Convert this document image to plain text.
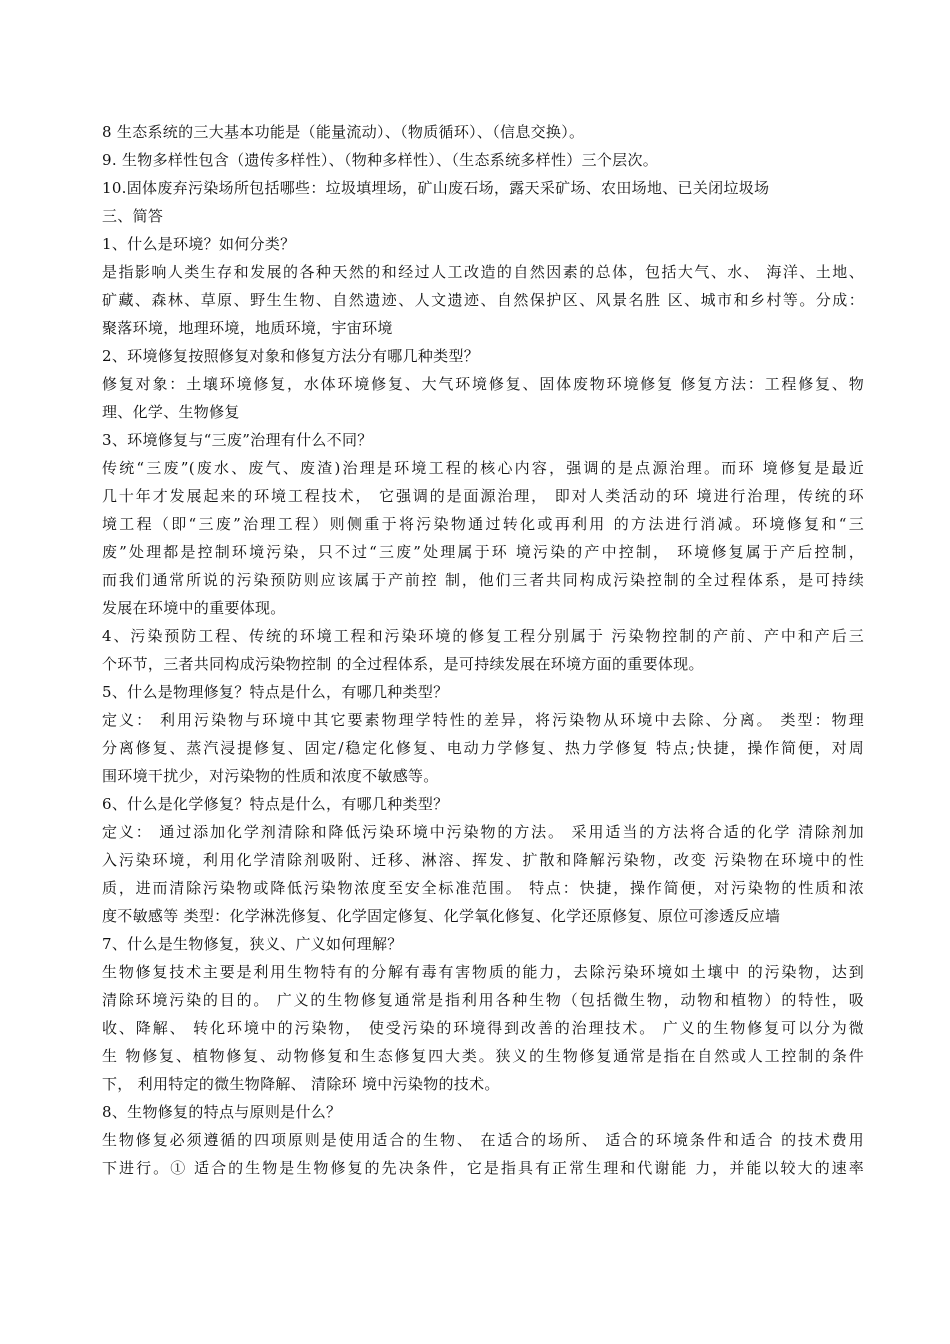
8 生态系统的三大基本功能是（能量流动）、（物质循环）、（信息交换）。
9. 生物多样性包含（遗传多样性）、（物种多样性）、（生态系统多样性）三个层次。
10.固体废弃污染场所包括哪些：垃圾填埋场，矿山废石场，露天采矿场、农田场地、已关闭垃圾场
三、简答
1、什么是环境？如何分类？
是指影响人类生存和发展的各种天然的和经过人工改造的自然因素的总体，包括大气、水、 海洋、土地、
矿藏、森林、草原、野生生物、自然遗迹、人文遗迹、自然保护区、风景名胜 区、城市和乡村等。分成：
聚落环境，地理环境，地质环境，宇宙环境
2、环境修复按照修复对象和修复方法分有哪几种类型？
修复对象：土壤环境修复，水体环境修复、大气环境修复、固体废物环境修复 修复方法：工程修复、物
理、化学、生物修复
3、环境修复与“三废”治理有什么不同？
传统“三废”(废水、废气、废渣)治理是环境工程的核心内容，强调的是点源治理。而环 境修复是最近
几十年才发展起来的环境工程技术， 它强调的是面源治理， 即对人类活动的环 境进行治理，传统的环
境工程（即“三废”治理工程）则侧重于将污染物通过转化或再利用 的方法进行消减。环境修复和“三
废”处理都是控制环境污染，只不过“三废”处理属于环 境污染的产中控制， 环境修复属于产后控制，
而我们通常所说的污染预防则应该属于产前控 制，他们三者共同构成污染控制的全过程体系，是可持续
发展在环境中的重要体现。
4、污染预防工程、传统的环境工程和污染环境的修复工程分别属于 污染物控制的产前、产中和产后三
个环节，三者共同构成污染物控制 的全过程体系，是可持续发展在环境方面的重要体现。
5、什么是物理修复？特点是什么，有哪几种类型？
定义： 利用污染物与环境中其它要素物理学特性的差异，将污染物从环境中去除、分离。 类型：物理
分离修复、蒸汽浸提修复、固定/稳定化修复、电动力学修复、热力学修复 特点;快捷，操作简便，对周
围环境干扰少，对污染物的性质和浓度不敏感等。
6、什么是化学修复？特点是什么，有哪几种类型？
定义： 通过添加化学剂清除和降低污染环境中污染物的方法。 采用适当的方法将合适的化学 清除剂加
入污染环境，利用化学清除剂吸附、迁移、淋溶、挥发、扩散和降解污染物，改变 污染物在环境中的性
质，进而清除污染物或降低污染物浓度至安全标准范围。 特点：快捷，操作简便，对污染物的性质和浓
度不敏感等 类型：化学淋洗修复、化学固定修复、化学氧化修复、化学还原修复、原位可渗透反应墙
7、什么是生物修复，狭义、广义如何理解？
生物修复技术主要是利用生物特有的分解有毒有害物质的能力，去除污染环境如土壤中 的污染物，达到
清除环境污染的目的。 广义的生物修复通常是指利用各种生物（包括微生物，动物和植物）的特性，吸
收、降解、 转化环境中的污染物， 使受污染的环境得到改善的治理技术。 广义的生物修复可以分为微
生 物修复、植物修复、动物修复和生态修复四大类。狭义的生物修复通常是指在自然或人工控制的条件
下， 利用特定的微生物降解、 清除环 境中污染物的技术。
8、生物修复的特点与原则是什么？
生物修复必须遵循的四项原则是使用适合的生物、 在适合的场所、 适合的环境条件和适合 的技术费用
下进行。① 适合的生物是生物修复的先决条件，它是指具有正常生理和代谢能 力，并能以较大的速率
